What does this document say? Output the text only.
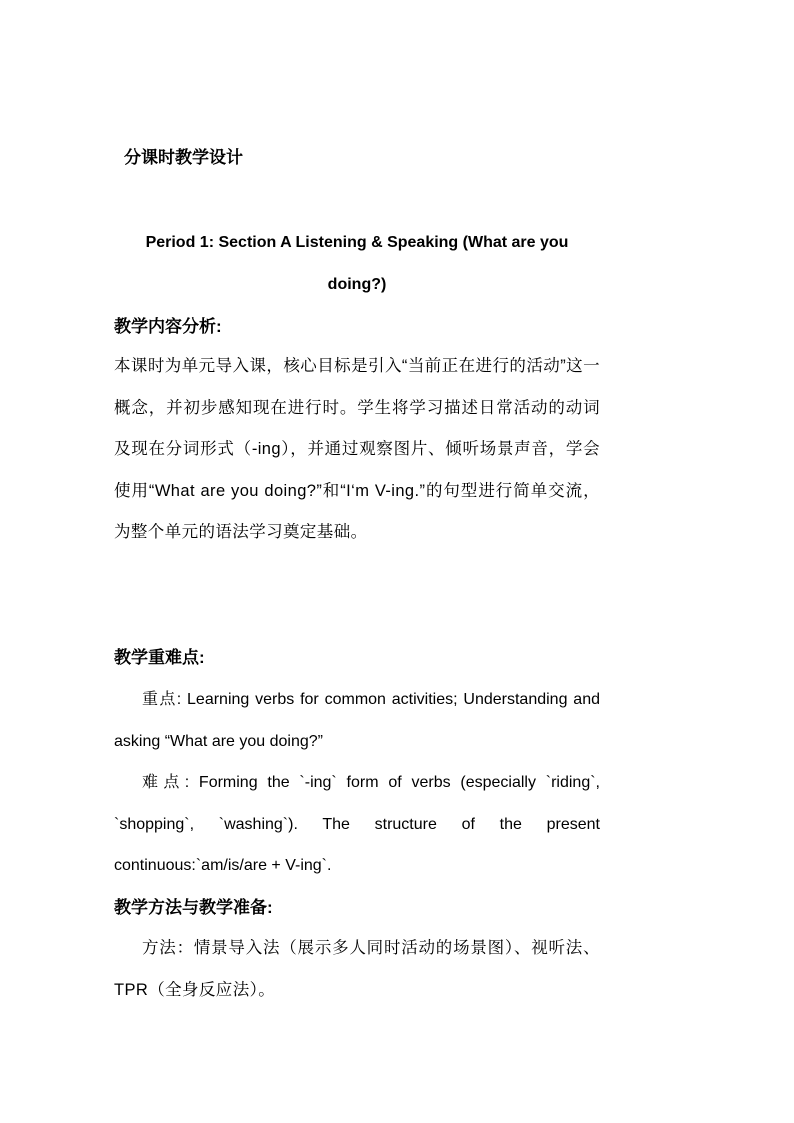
分课时教学设计
Period 1: Section A Listening & Speaking (What are you
doing?)
教学内容分析:
本课时为单元导入课，核心目标是引入“当前正在进行的活动”这一概念，并初步感知现在进行时。学生将学习描述日常活动的动词及现在分词形式（-ing），并通过观察图片、倾听场景声音，学会使用“What are you doing?”和“I‘m V-ing.”的句型进行简单交流，为整个单元的语法学习奠定基础。
教学重难点:
重点: Learning verbs for common activities; Understanding and asking “What are you doing?”
难点: Forming the `-ing` form of verbs (especially `riding`, `shopping`, `washing`). The structure of the present continuous:`am/is/are + V-ing`.
教学方法与教学准备:
方法：情景导入法（展示多人同时活动的场景图）、视听法、TPR（全身反应法）。
